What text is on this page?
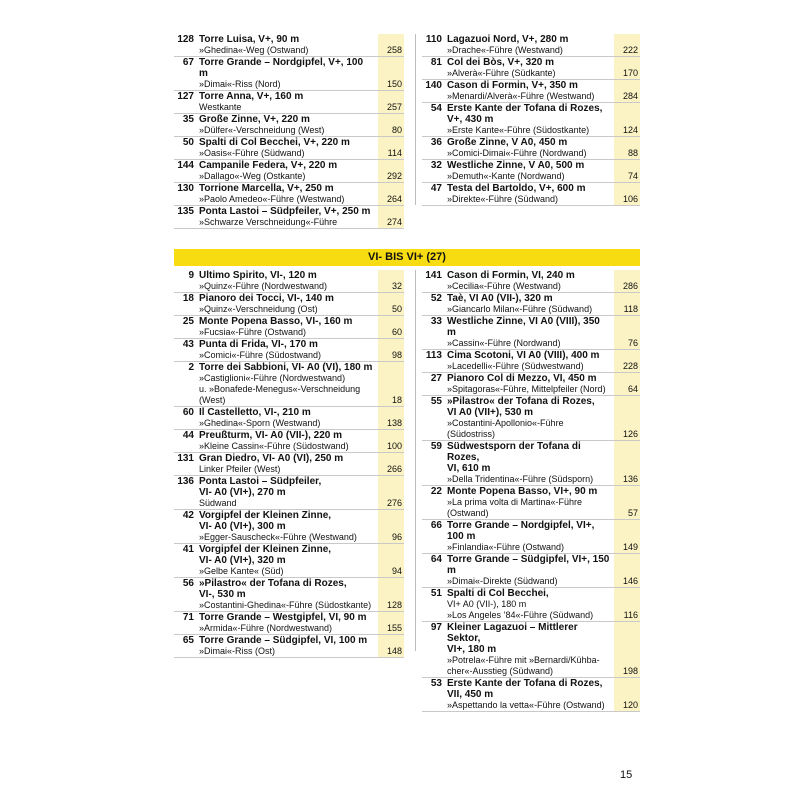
128 Torre Luisa, V+, 90 m
»Ghedina«-Weg (Ostwand)	258
67 Torre Grande – Nordgipfel, V+, 100 m
»Dimai«-Riss (Nord)	150
127 Torre Anna, V+, 160 m
Westkante	257
35 Große Zinne, V+, 220 m
»Dülfer«-Verschneidung (West)	80
50 Spalti di Col Becchei, V+, 220 m
»Oasis«-Führe (Südwand)	114
144 Campanile Federa, V+, 220 m
»Dallago«-Weg (Ostkante)	292
130 Torrione Marcella, V+, 250 m
»Paolo Amedeo«-Führe (Westwand)	264
135 Ponta Lastoi – Südpfeiler, V+, 250 m
»Schwarze Verschneidung«-Führe	274
110 Lagazuoi Nord, V+, 280 m
»Drache«-Führe (Westwand)	222
81 Col dei Bòs, V+, 320 m
»Alverà«-Führe (Südkante)	170
140 Cason di Formin, V+, 350 m
»Menardi/Alverà«-Führe (Westwand)	284
54 Erste Kante der Tofana di Rozes,
V+, 430 m
»Erste Kante«-Führe (Südostkante)	124
36 Große Zinne, V A0, 450 m
»Comici-Dimai«-Führe (Nordwand)	88
32 Westliche Zinne, V A0, 500 m
»Demuth«-Kante (Nordwand)	74
47 Testa del Bartoldo, V+, 600 m
»Direkte«-Führe (Südwand)	106
VI- BIS VI+ (27)
9 Ultimo Spirito, VI-, 120 m
»Quinz«-Führe (Nordwestwand)	32
18 Pianoro dei Tocci, VI-, 140 m
»Quinz«-Verschneidung (Ost)	50
25 Monte Popena Basso, VI-, 160 m
»Fucsia«-Führe (Ostwand)	60
43 Punta di Frida, VI-, 170 m
»Comici«-Führe (Südostwand)	98
2 Torre dei Sabbioni, VI- A0 (VI), 180 m
»Castiglioni«-Führe (Nordwestwand)
u. »Bonafede-Menegus«-Verschneidung
(West)	18
60 Il Castelletto, VI-, 210 m
»Ghedina«-Sporn (Westwand)	138
44 Preußturm, VI- A0 (VII-), 220 m
»Kleine Cassin«-Führe (Südostwand)	100
131 Gran Diedro, VI- A0 (VI), 250 m
Linker Pfeiler (West)	266
136 Ponta Lastoi – Südpfeiler,
VI- A0 (VI+), 270 m
Südwand	276
42 Vorgipfel der Kleinen Zinne,
VI- A0 (VI+), 300 m
»Egger-Sauscheck«-Führe (Westwand)	96
41 Vorgipfel der Kleinen Zinne,
VI- A0 (VI+), 320 m
»Gelbe Kante« (Süd)	94
56 »Pilastro« der Tofana di Rozes,
VI-, 530 m
»Costantini-Ghedina«-Führe (Südostkante)	128
71 Torre Grande – Westgipfel, VI, 90 m
»Armida«-Führe (Nordwestwand)	155
65 Torre Grande – Südgipfel, VI, 100 m
»Dimai«-Riss (Ost)	148
141 Cason di Formin, VI, 240 m
»Cecilia«-Führe (Westwand)	286
52 Taè, VI A0 (VII-), 320 m
»Giancarlo Milan«-Führe (Südwand)	118
33 Westliche Zinne, VI A0 (VIII), 350 m
»Cassin«-Führe (Nordwand)	76
113 Cima Scotoni, VI A0 (VIII), 400 m
»Lacedelli«-Führe (Südwestwand)	228
27 Pianoro Col di Mezzo, VI, 450 m
»Spitagoras«-Führe, Mittelpfeiler (Nord)	64
55 »Pilastro« der Tofana di Rozes,
VI A0 (VII+), 530 m
»Costantini-Apollonio«-Führe
(Südostriss)	126
59 Südwestsporn der Tofana di Rozes,
VI, 610 m
»Della Tridentina«-Führe (Südsporn)	136
22 Monte Popena Basso, VI+, 90 m
»La prima volta di Martina«-Führe
(Ostwand)	57
66 Torre Grande – Nordgipfel, VI+, 100 m
»Finlandia«-Führe (Ostwand)	149
64 Torre Grande – Südgipfel, VI+, 150 m
»Dimai«-Direkte (Südwand)	146
51 Spalti di Col Becchei,
VI+ A0 (VII-), 180 m
»Los Angeles ’84«-Führe (Südwand)	116
97 Kleiner Lagazuoi – Mittlerer Sektor,
VI+, 180 m
»Potrela«-Führe mit »Bernardi/Kühba-
cher«-Ausstieg (Südwand)	198
53 Erste Kante der Tofana di Rozes,
VII, 450 m
»Aspettando la vetta«-Führe (Ostwand)	120
15
